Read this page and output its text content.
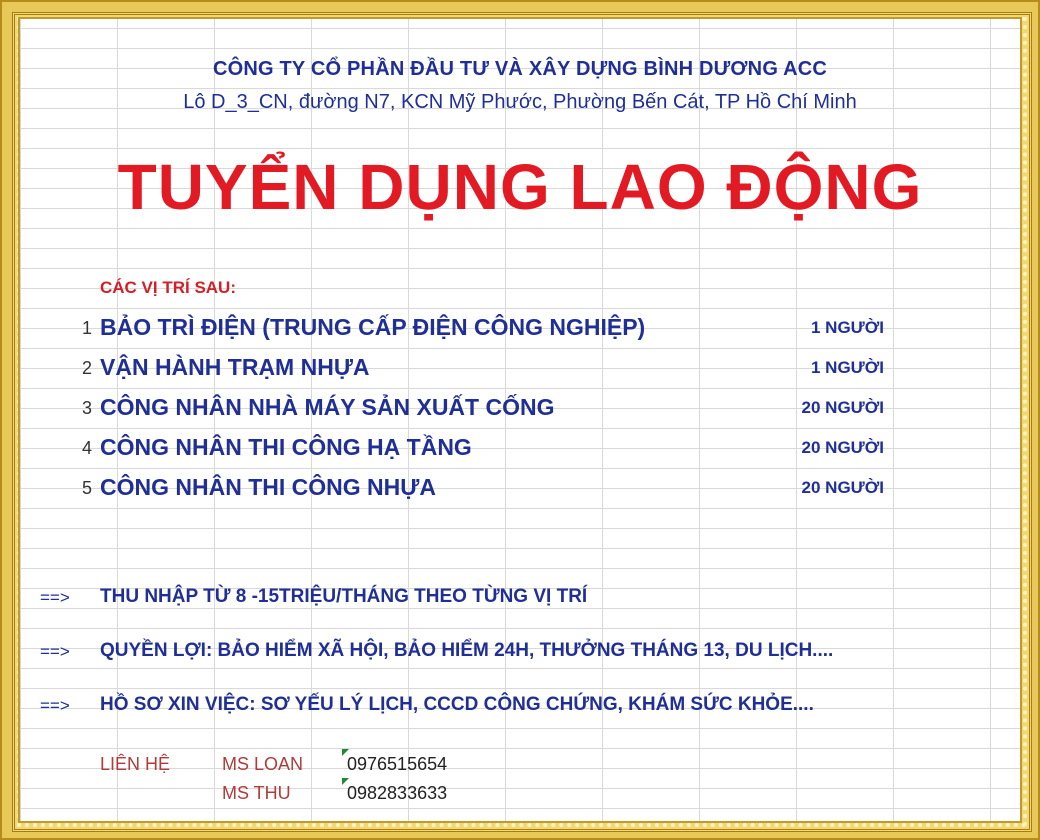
CÔNG TY CỔ PHẦN ĐẦU TƯ VÀ XÂY DỰNG BÌNH DƯƠNG ACC
Lô D_3_CN, đường N7, KCN Mỹ Phước, Phường Bến Cát, TP Hồ Chí Minh
TUYỂN DỤNG LAO ĐỘNG
CÁC VỊ TRÍ SAU:
1 BẢO TRÌ ĐIỆN (TRUNG CẤP ĐIỆN CÔNG NGHIỆP)	1 NGƯỜI
2 VẬN HÀNH TRẠM NHỰA	1 NGƯỜI
3 CÔNG NHÂN NHÀ MÁY SẢN XUẤT CỐNG	20 NGƯỜI
4 CÔNG NHÂN THI CÔNG HẠ TẦNG	20 NGƯỜI
5 CÔNG NHÂN THI CÔNG NHỰA	20 NGƯỜI
==> THU NHẬP TỪ 8 -15TRIỆU/THÁNG THEO TỪNG VỊ TRÍ
==> QUYỀN LỢI: BẢO HIỂM XÃ HỘI, BẢO HIỂM 24H, THƯỞNG THÁNG 13, DU LỊCH....
==> HỒ SƠ XIN VIỆC: SƠ YẾU LÝ LỊCH, CCCD CÔNG CHỨNG, KHÁM SỨC KHỎE....
LIÊN HỆ	MS LOAN 0976515654
MS THU	0982833633
